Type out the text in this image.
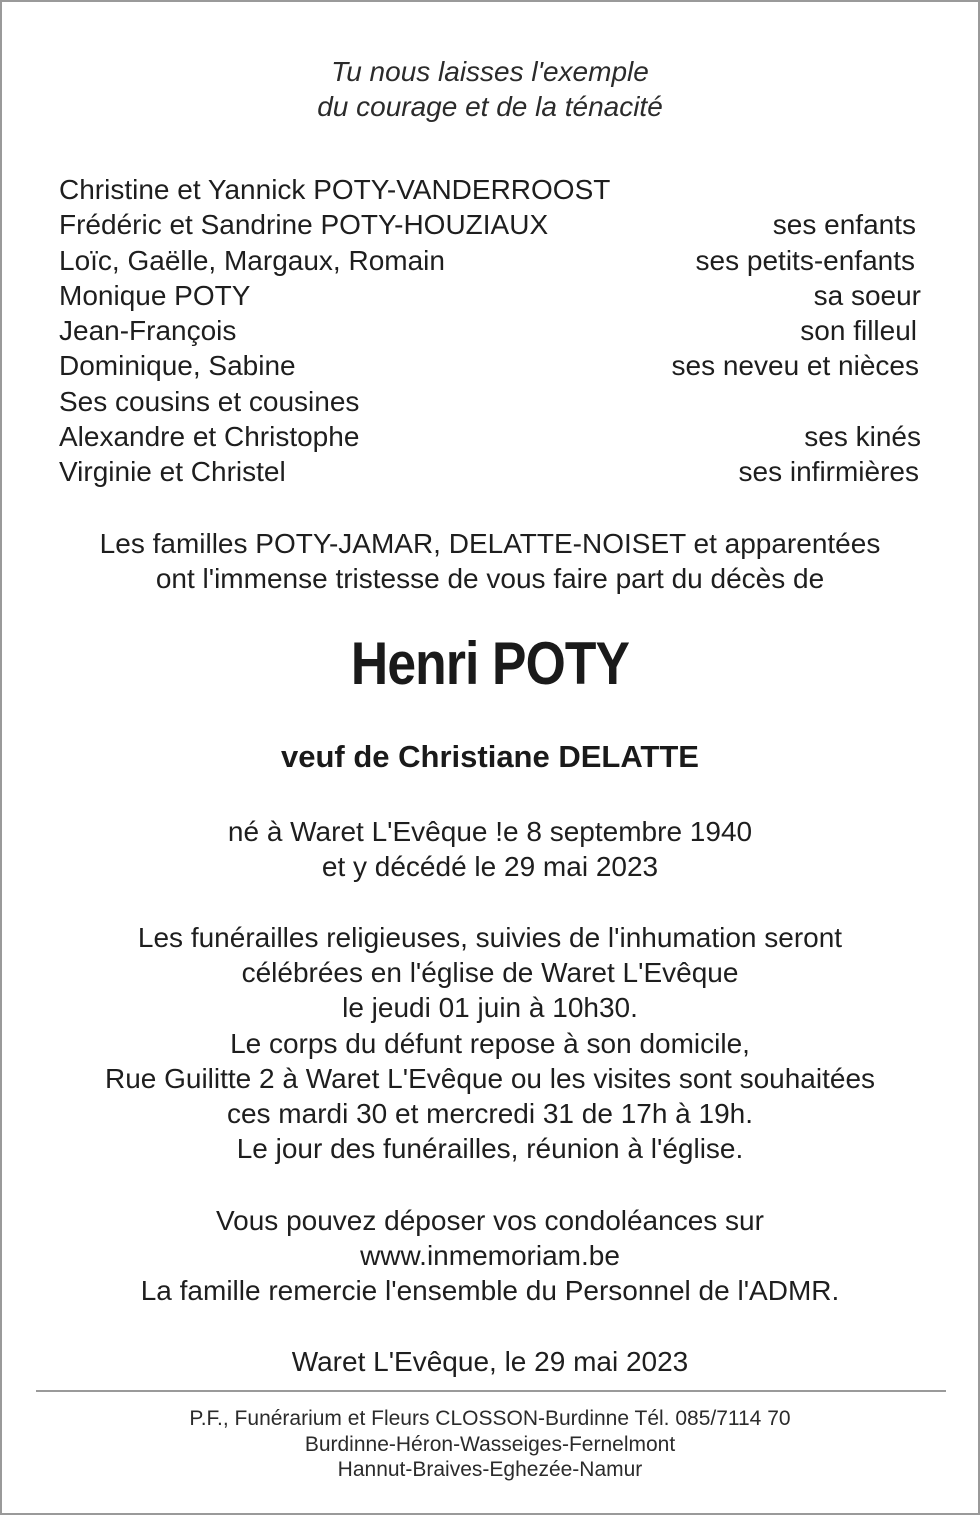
Tu nous laisses l'exemple
du courage et de la ténacité
Christine et Yannick POTY-VANDERROOST
Frédéric et Sandrine POTY-HOUZIAUX	ses enfants
Loïc, Gaëlle, Margaux, Romain	ses petits-enfants
Monique POTY	sa soeur
Jean-François	son filleul
Dominique, Sabine	ses neveu et nièces
Ses cousins et cousines
Alexandre et Christophe	ses kinés
Virginie et Christel	ses infirmières
Les familles POTY-JAMAR, DELATTE-NOISET et apparentées
ont l'immense tristesse de vous faire part du décès de
Henri POTY
veuf de Christiane DELATTE
né à Waret L'Evêque !e 8 septembre 1940
et y décédé le 29 mai 2023
Les funérailles religieuses, suivies de l'inhumation seront
célébrées en l'église de Waret L'Evêque
le jeudi 01 juin à 10h30.
Le corps du défunt repose à son domicile,
Rue Guilitte 2 à Waret L'Evêque ou les visites sont souhaitées
ces mardi 30 et mercredi 31 de 17h à 19h.
Le jour des funérailles, réunion à l'église.
Vous pouvez déposer vos condoléances sur
www.inmemoriam.be
La famille remercie l'ensemble du Personnel de l'ADMR.
Waret L'Evêque, le 29 mai 2023
P.F., Funérarium et Fleurs CLOSSON-Burdinne Tél. 085/7114 70
Burdinne-Héron-Wasseiges-Fernelmont
Hannut-Braives-Eghezée-Namur
